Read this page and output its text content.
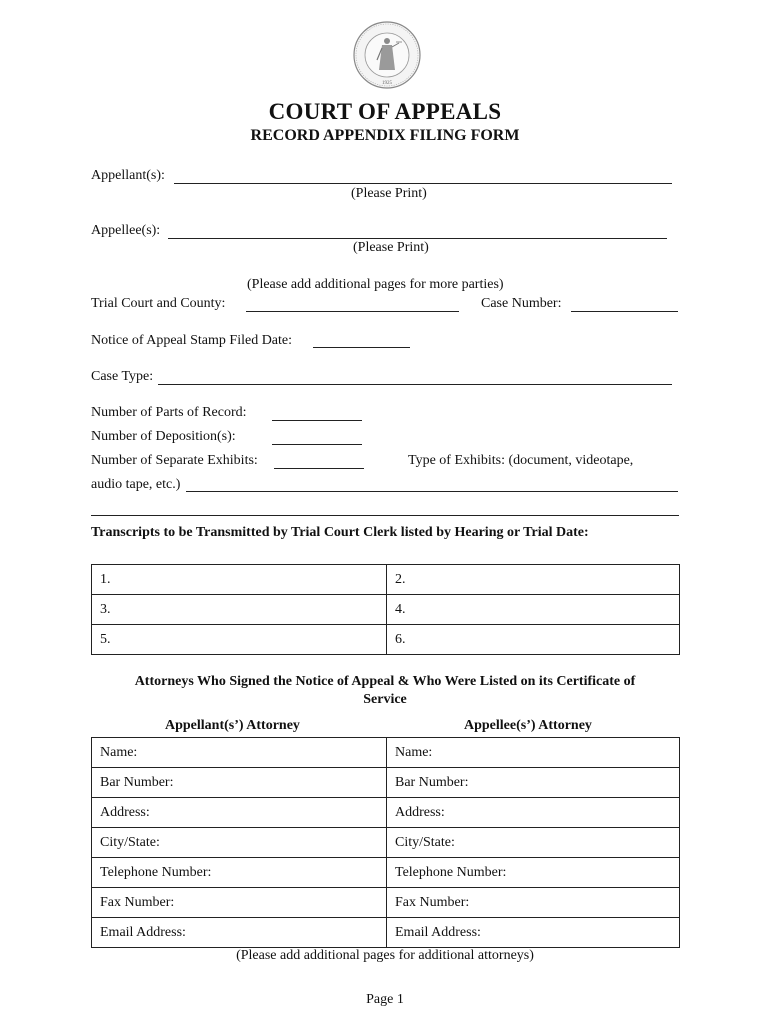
1925
COURT OF APPEALS
RECORD APPENDIX FILING FORM
Appellant(s):
(Please Print)
Appellee(s):
(Please Print)
(Please add additional pages for more parties)
Trial Court and County:	Case Number:
Notice of Appeal Stamp Filed Date:
Case Type:
Number of Parts of Record:
Number of Deposition(s):
Number of Separate Exhibits:	Type of Exhibits: (document, videotape,
audio tape, etc.)
Transcripts to be Transmitted by Trial Court Clerk listed by Hearing or Trial Date:
1.	2.
3.	4.
5.	6.
Attorneys Who Signed the Notice of Appeal & Who Were Listed on its Certificate of
Service
Appellant(s’) Attorney	Appellee(s’) Attorney
Name:	Name:
Bar Number:	Bar Number:
Address:	Address:
City/State:	City/State:
Telephone Number:	Telephone Number:
Fax Number:	Fax Number:
Email Address:	Email Address:
(Please add additional pages for additional attorneys)
Page 1
